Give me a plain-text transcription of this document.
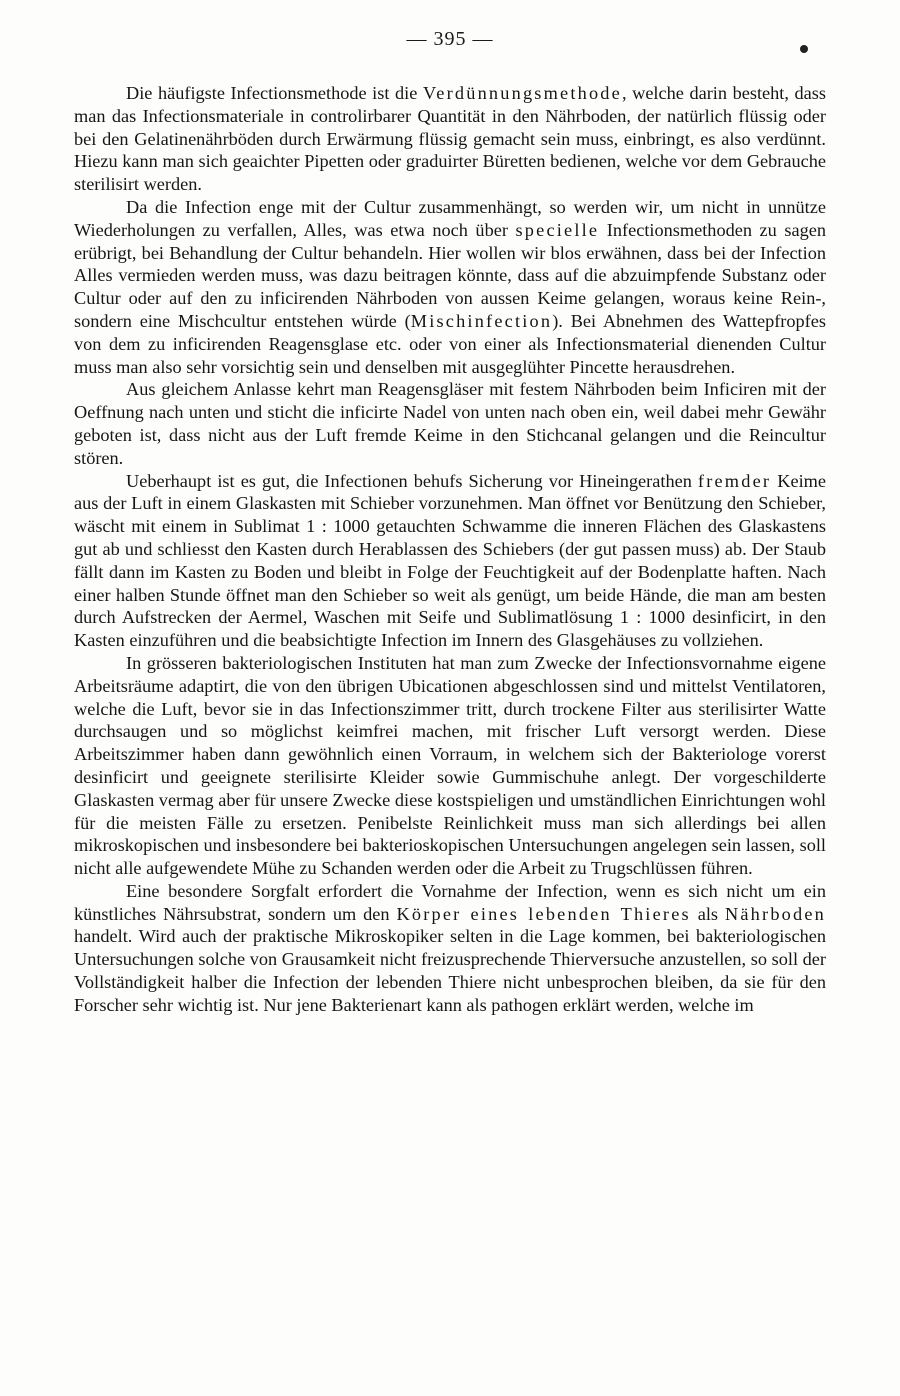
— 395 —

Die häufigste Infectionsmethode ist die Verdünnungsmethode, welche darin besteht, dass man das Infectionsmateriale in controlirbarer Quantität in den Nährboden, der natürlich flüssig oder bei den Gelatinenährböden durch Erwärmung flüssig gemacht sein muss, einbringt, es also verdünnt. Hiezu kann man sich geaichter Pipetten oder graduirter Büretten bedienen, welche vor dem Gebrauche sterilisirt werden.

Da die Infection enge mit der Cultur zusammenhängt, so werden wir, um nicht in unnütze Wiederholungen zu verfallen, Alles, was etwa noch über specielle Infectionsmethoden zu sagen erübrigt, bei Behandlung der Cultur behandeln. Hier wollen wir blos erwähnen, dass bei der Infection Alles vermieden werden muss, was dazu beitragen könnte, dass auf die abzuimpfende Substanz oder Cultur oder auf den zu inficirenden Nährboden von aussen Keime gelangen, woraus keine Rein-, sondern eine Mischcultur entstehen würde (Mischinfection). Bei Abnehmen des Wattepfropfes von dem zu inficirenden Reagensglase etc. oder von einer als Infectionsmaterial dienenden Cultur muss man also sehr vorsichtig sein und denselben mit ausgeglühter Pincette herausdrehen.

Aus gleichem Anlasse kehrt man Reagensgläser mit festem Nährboden beim Inficiren mit der Oeffnung nach unten und sticht die inficirte Nadel von unten nach oben ein, weil dabei mehr Gewähr geboten ist, dass nicht aus der Luft fremde Keime in den Stichcanal gelangen und die Reincultur stören.

Ueberhaupt ist es gut, die Infectionen behufs Sicherung vor Hineingerathen fremder Keime aus der Luft in einem Glaskasten mit Schieber vorzunehmen. Man öffnet vor Benützung den Schieber, wäscht mit einem in Sublimat 1 : 1000 getauchten Schwamme die inneren Flächen des Glaskastens gut ab und schliesst den Kasten durch Herablassen des Schiebers (der gut passen muss) ab. Der Staub fällt dann im Kasten zu Boden und bleibt in Folge der Feuchtigkeit auf der Bodenplatte haften. Nach einer halben Stunde öffnet man den Schieber so weit als genügt, um beide Hände, die man am besten durch Aufstrecken der Aermel, Waschen mit Seife und Sublimatlösung 1 : 1000 desinficirt, in den Kasten einzuführen und die beabsichtigte Infection im Innern des Glasgehäuses zu vollziehen.

In grösseren bakteriologischen Instituten hat man zum Zwecke der Infectionsvornahme eigene Arbeitsräume adaptirt, die von den übrigen Ubicationen abgeschlossen sind und mittelst Ventilatoren, welche die Luft, bevor sie in das Infectionszimmer tritt, durch trockene Filter aus sterilisirter Watte durchsaugen und so möglichst keimfrei machen, mit frischer Luft versorgt werden. Diese Arbeitszimmer haben dann gewöhnlich einen Vorraum, in welchem sich der Bakteriologe vorerst desinficirt und geeignete sterilisirte Kleider sowie Gummischuhe anlegt. Der vorgeschilderte Glaskasten vermag aber für unsere Zwecke diese kostspieligen und umständlichen Einrichtungen wohl für die meisten Fälle zu ersetzen. Penibelste Reinlichkeit muss man sich allerdings bei allen mikroskopischen und insbesondere bei bakterioskopischen Untersuchungen angelegen sein lassen, soll nicht alle aufgewendete Mühe zu Schanden werden oder die Arbeit zu Trugschlüssen führen.

Eine besondere Sorgfalt erfordert die Vornahme der Infection, wenn es sich nicht um ein künstliches Nährsubstrat, sondern um den Körper eines lebenden Thieres als Nährboden handelt. Wird auch der praktische Mikroskopiker selten in die Lage kommen, bei bakteriologischen Untersuchungen solche von Grausamkeit nicht freizusprechende Thierversuche anzustellen, so soll der Vollständigkeit halber die Infection der lebenden Thiere nicht unbesprochen bleiben, da sie für den Forscher sehr wichtig ist. Nur jene Bakterienart kann als pathogen erklärt werden, welche im
